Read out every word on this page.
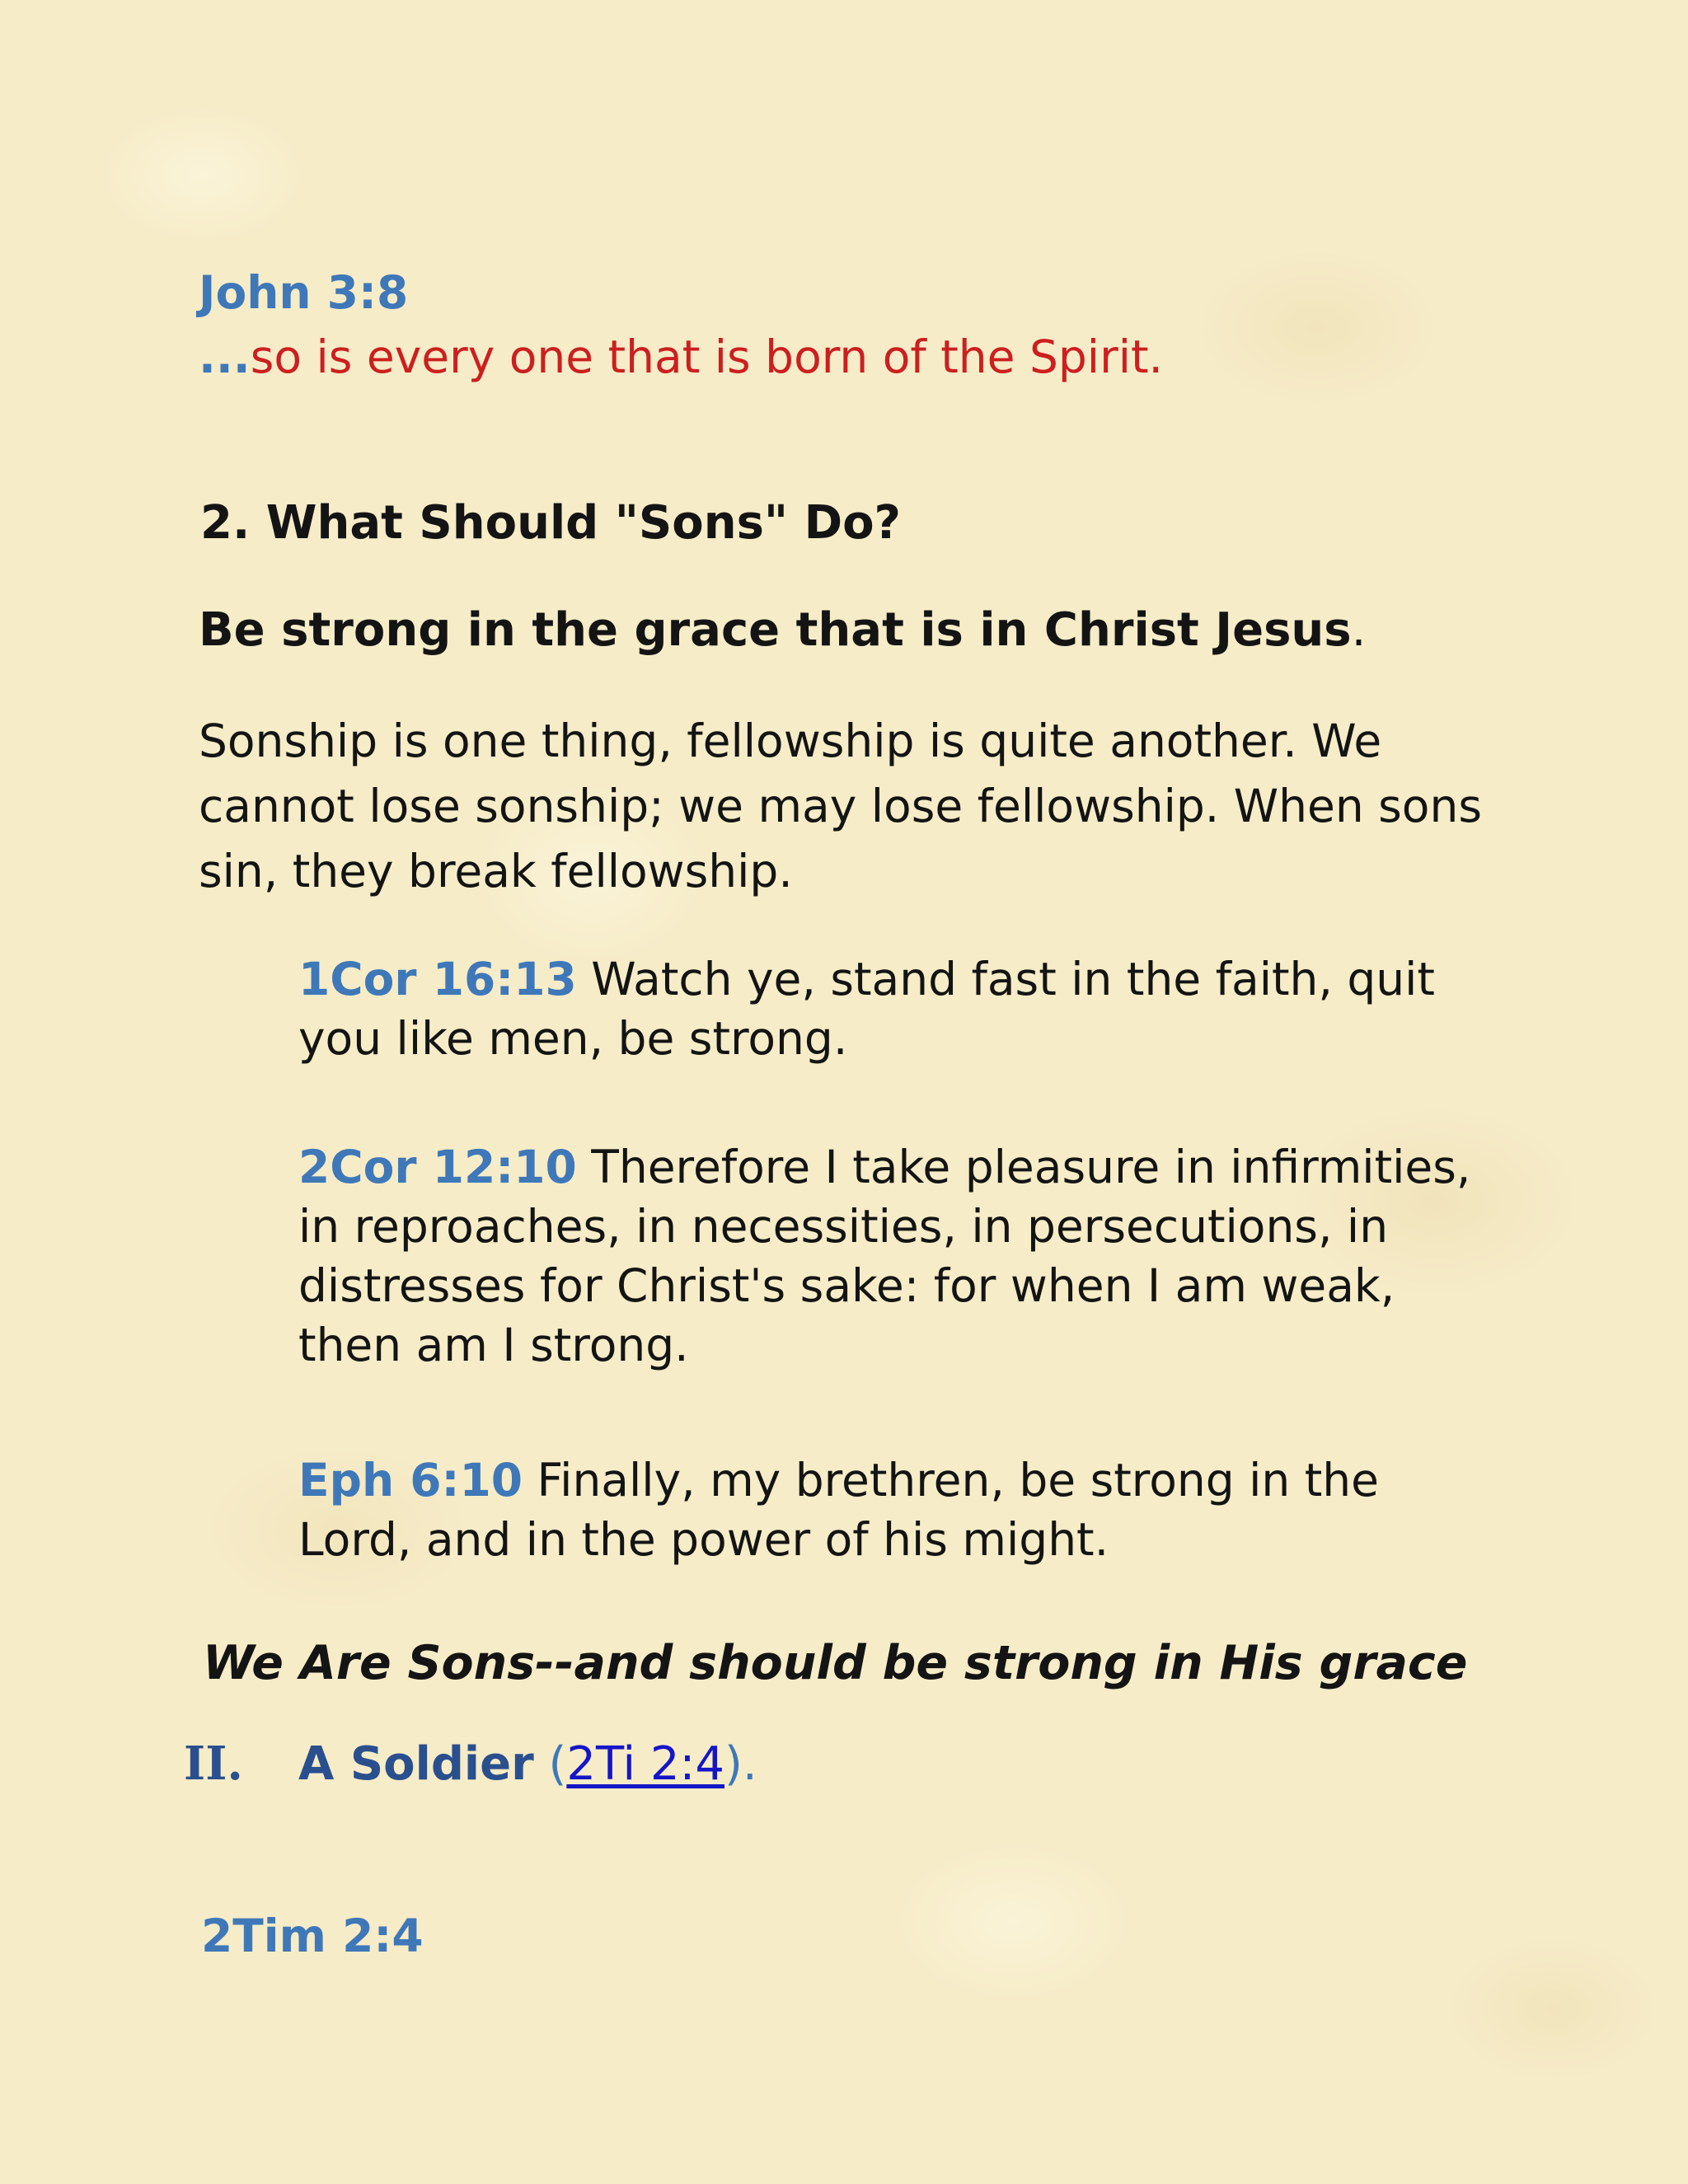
John 3:8
...so is every one that is born of the Spirit.
2. What Should "Sons" Do?
Be strong in the grace that is in Christ Jesus.
Sonship is one thing, fellowship is quite another. We cannot lose sonship; we may lose fellowship. When sons sin, they break fellowship.
1Cor 16:13 Watch ye, stand fast in the faith, quit you like men, be strong.
2Cor 12:10 Therefore I take pleasure in infirmities, in reproaches, in necessities, in persecutions, in distresses for Christ's sake: for when I am weak, then am I strong.
Eph 6:10 Finally, my brethren, be strong in the Lord, and in the power of his might.
We Are Sons--and should be strong in His grace
II. A Soldier (2Ti 2:4).
2Tim 2:4
